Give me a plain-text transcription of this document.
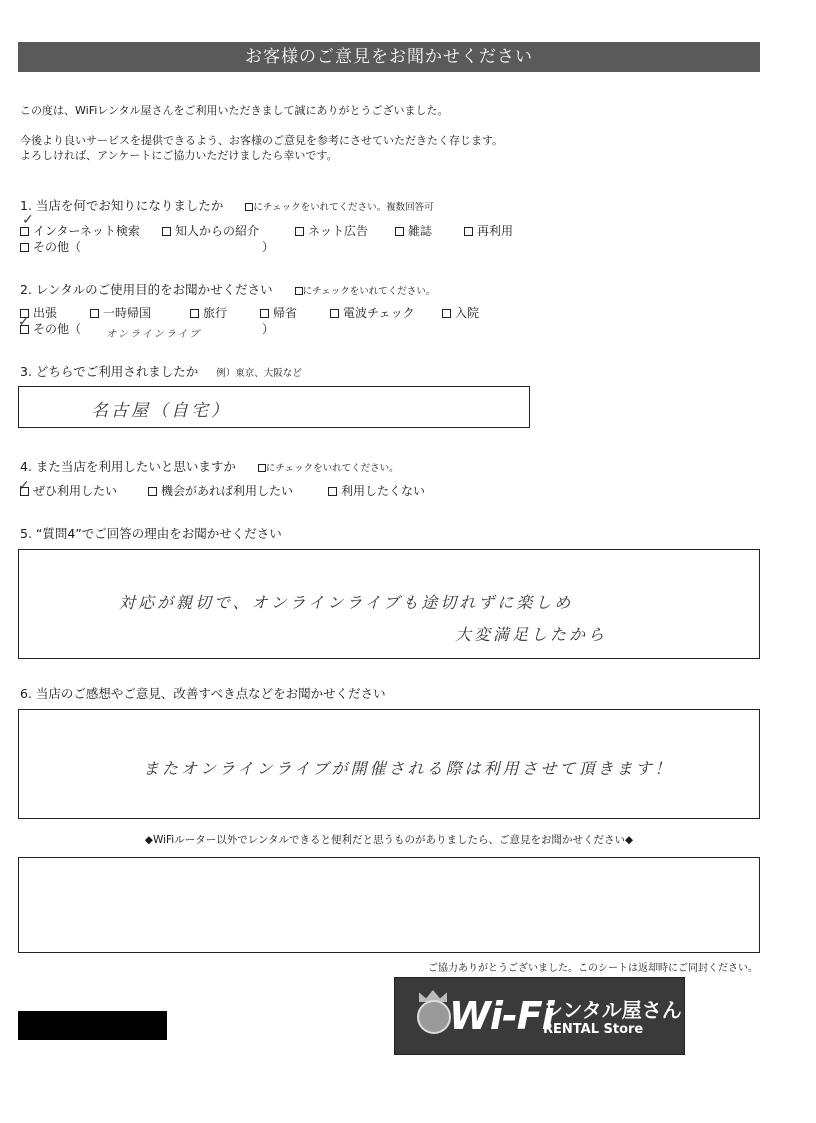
お客様のご意見をお聞かせください
この度は、WiFiレンタル屋さんをご利用いただきまして誠にありがとうございました。
今後より良いサービスを提供できるよう、お客様のご意見を参考にさせていただきたく存じます。
よろしければ、アンケートにご協力いただけましたら幸いです。
1. 当店を何でお知りになりましたか	にチェックをいれてください。複数回答可
✓
インターネット検索	知人からの紹介	ネット広告	雑誌	再利用
その他（	）
2. レンタルのご使用目的をお聞かせください	にチェックをいれてください。
出張	一時帰国	旅行	帰省	電波チェック	入院
✓ その他（ オンラインライブ	）
3. どちらでご利用されましたか 例）東京、大阪など
名古屋（自宅）
4. また当店を利用したいと思いますか	にチェックをいれてください。
✓ ぜひ利用したい	機会があれば利用したい	利用したくない
5. “質問4”でご回答の理由をお聞かせください
対応が親切で、オンラインライブも途切れずに楽しめ
大変満足したから
6. 当店のご感想やご意見、改善すべき点などをお聞かせください
またオンラインライブが開催される際は利用させて頂きます！
◆WiFiルーター以外でレンタルできると便利だと思うものがありましたら、ご意見をお聞かせください◆
ご協力ありがとうございました。このシートは返却時にご同封ください。
Wi-Fi
レンタル屋さん
RENTAL Store
